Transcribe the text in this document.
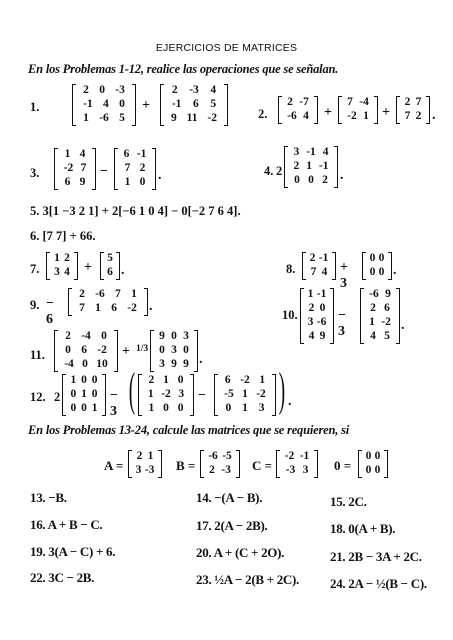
EJERCICIOS DE MATRICES
En los Problemas 1-12, realice las operaciones que se señalan.
1.
2 0 -3
-1 4 0
1 -6 5
+
2 -3 4
-1 6 5
9 11 -2	2.
2 -7
-6 4 +
7 -4
-2 1 +
2 7
7 2 .
3.
1 4
-2 7
6 9
−
6 -1
7 2
1 0 .	4. 2
3 -1 4
2 1 -1
0 0 2 .
5. 3[1 −3 2 1] + 2[−6 1 0 4] − 0[−2 7 6 4].
6. [7 7] + 66.
7.
1 2
3 4 +
5
6 .	8.
2 -1
7 4 + 3
0 0
0 0 .
9. − 6
2 -6 7 1
7 1 6 -2 .
10.
1 -1
2 0
3 -6
4 9
− 3
-6 9
2 6
1 -2
4 5
.
11.
2 -4 0
0 6 -2
-4 0 10
+ 1/3
9 0 3
0 3 0
3 9 9 .
12. 2
1 0 0
0 1 0
0 0 1
− 3 ( 2 1 0
1 -2 3
1 0 0
−
6 -2 1
-5 1 -2
0 1 3 ) .
En los Problemas 13-24, calcule las matrices que se requieren, si
A =
2 1
3 -3 B =
-6 -5
2 -3 C =
-2 -1
-3 3 0 =
0 0
0 0
13. −B.	14. −(A − B).	15. 2C.
16. A + B − C.	17. 2(A − 2B).	18. 0(A + B).
19. 3(A − C) + 6.	20. A + (C + 2O).	21. 2B − 3A + 2C.
22. 3C − 2B.	23. ½A − 2(B + 2C). 24. 2A − ½(B − C).
